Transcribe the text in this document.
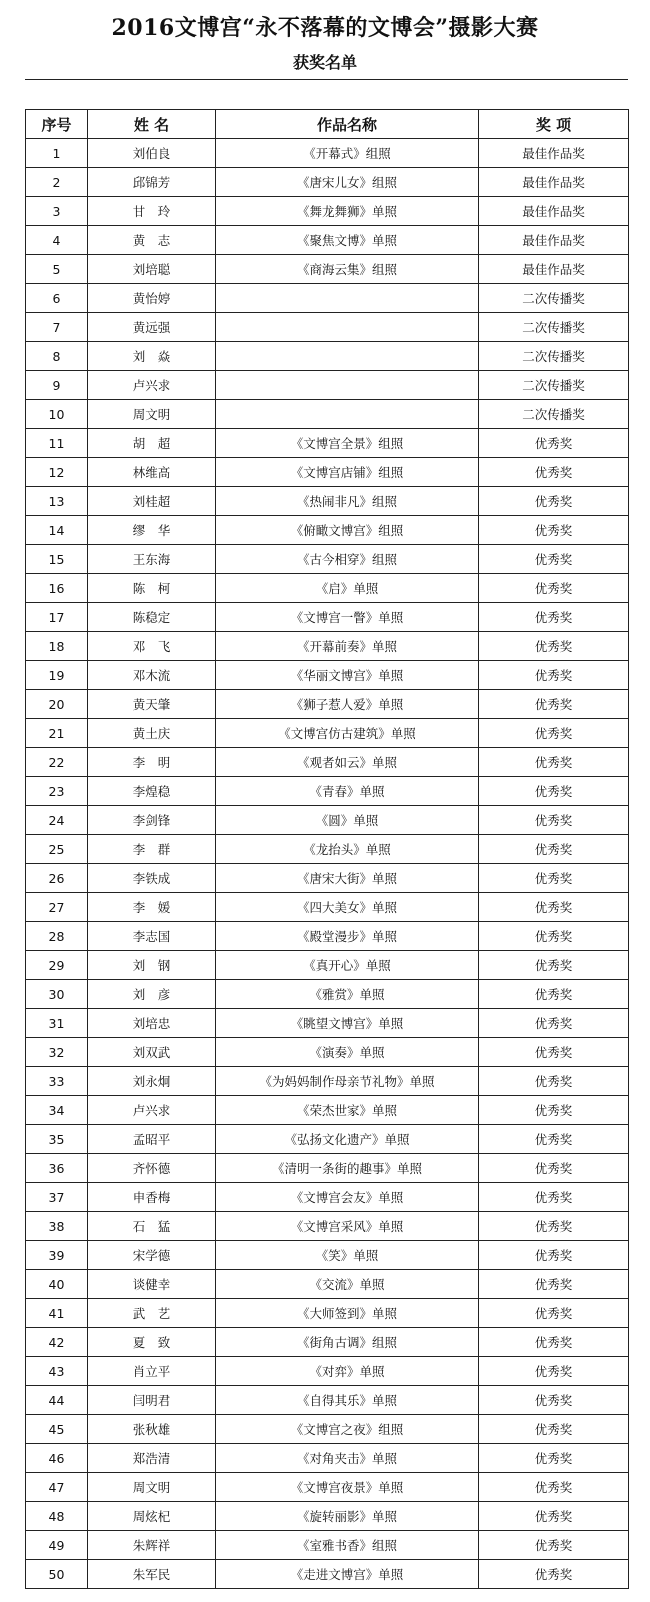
2016文博宫“永不落幕的文博会”摄影大赛
获奖名单
序号	姓 名	作品名称	奖 项
1	刘伯良	《开幕式》组照	最佳作品奖
2	邱锦芳	《唐宋儿女》组照	最佳作品奖
3	甘　玲	《舞龙舞狮》单照	最佳作品奖
4	黄　志	《聚焦文博》单照	最佳作品奖
5	刘培聪	《商海云集》组照	最佳作品奖
6	黄怡婷		二次传播奖
7	黄远强		二次传播奖
8	刘　焱		二次传播奖
9	卢兴求		二次传播奖
10	周文明		二次传播奖
11	胡　超	《文博宫全景》组照	优秀奖
12	林维高	《文博宫店铺》组照	优秀奖
13	刘桂超	《热闹非凡》组照	优秀奖
14	缪　华	《俯瞰文博宫》组照	优秀奖
15	王东海	《古今相穿》组照	优秀奖
16	陈　柯	《启》单照	优秀奖
17	陈稳定	《文博宫一瞥》单照	优秀奖
18	邓　飞	《开幕前奏》单照	优秀奖
19	邓木流	《华丽文博宫》单照	优秀奖
20	黄天肇	《狮子惹人爱》单照	优秀奖
21	黄土庆	《文博宫仿古建筑》单照	优秀奖
22	李　明	《观者如云》单照	优秀奖
23	李煌稳	《青春》单照	优秀奖
24	李剑锋	《圆》单照	优秀奖
25	李　群	《龙抬头》单照	优秀奖
26	李铁成	《唐宋大街》单照	优秀奖
27	李　媛	《四大美女》单照	优秀奖
28	李志国	《殿堂漫步》单照	优秀奖
29	刘　钢	《真开心》单照	优秀奖
30	刘　彦	《雅赏》单照	优秀奖
31	刘培忠	《眺望文博宫》单照	优秀奖
32	刘双武	《演奏》单照	优秀奖
33	刘永炯	《为妈妈制作母亲节礼物》单照	优秀奖
34	卢兴求	《荣杰世家》单照	优秀奖
35	孟昭平	《弘扬文化遗产》单照	优秀奖
36	齐怀德	《清明一条街的趣事》单照	优秀奖
37	申香梅	《文博宫会友》单照	优秀奖
38	石　猛	《文博宫采风》单照	优秀奖
39	宋学德	《笑》单照	优秀奖
40	谈健幸	《交流》单照	优秀奖
41	武　艺	《大师签到》单照	优秀奖
42	夏　致	《街角古调》组照	优秀奖
43	肖立平	《对弈》单照	优秀奖
44	闫明君	《自得其乐》单照	优秀奖
45	张秋雄	《文博宫之夜》组照	优秀奖
46	郑浩清	《对角夹击》单照	优秀奖
47	周文明	《文博宫夜景》单照	优秀奖
48	周炫杞	《旋转丽影》单照	优秀奖
49	朱辉祥	《室雅书香》组照	优秀奖
50	朱军民	《走进文博宫》单照	优秀奖
